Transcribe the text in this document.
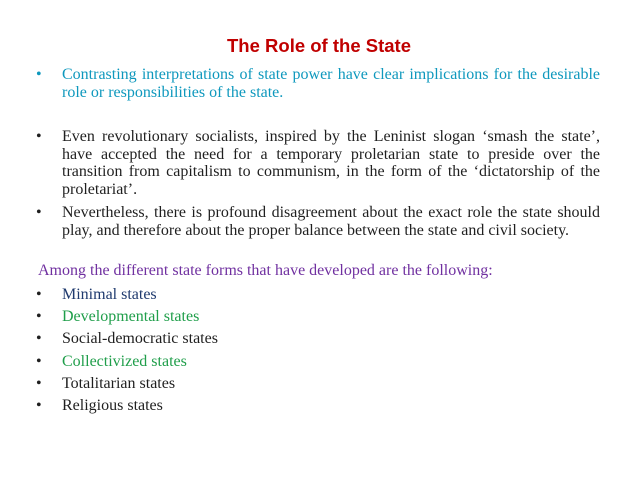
The Role of the State
•	Contrasting interpretations of state power have clear implications for the desirable role or responsibilities of the state.
•	Even revolutionary socialists, inspired by the Leninist slogan ‘smash the state’, have accepted the need for a temporary proletarian state to preside over the transition from capitalism to communism, in the form of the ‘dictatorship of the proletariat’.
•	Nevertheless, there is profound disagreement about the exact role the state should play, and therefore about the proper balance between the state and civil society.
Among the different state forms that have developed are the following:
• Minimal states
• Developmental states
• Social-democratic states
• Collectivized states
• Totalitarian states
• Religious states
